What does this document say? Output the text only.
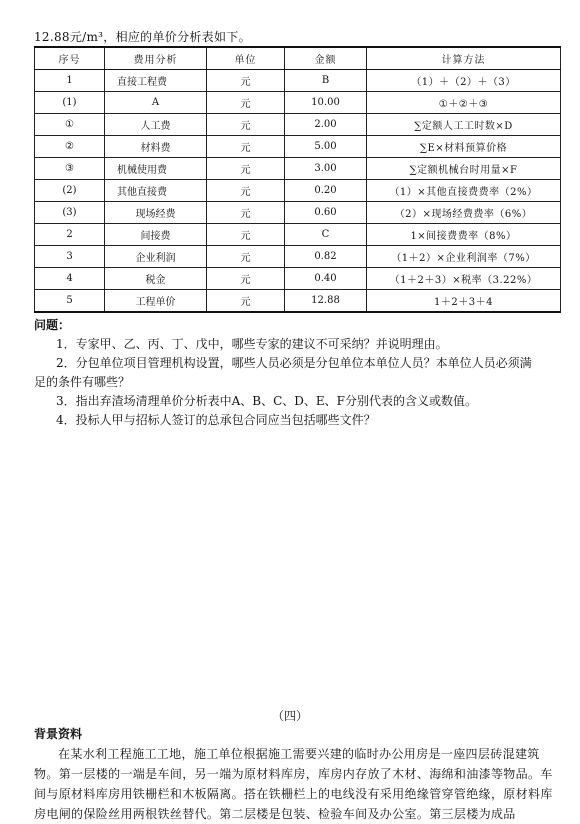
12.88元/m³，相应的单价分析表如下。
序号	费用分析	单位	金额	计算方法
1	直接工程费	元	B	（1）＋（2）＋（3）
(1)	A	元	10.00	①＋②＋③
①	人工费	元	2.00	∑定额人工工时数×D
②	材料费	元	5.00	∑E×材料预算价格
③	机械使用费	元	3.00	∑定额机械台时用量×F
(2)	其他直接费	元	0.20	（1）×其他直接费费率（2%）
(3)	现场经费	元	0.60	（2）×现场经费费率（6%）
2	间接费	元	C	1×间接费费率（8%）
3	企业利润	元	0.82	（1＋2）×企业利润率（7%）
4	税金	元	0.40	（1＋2＋3）×税率（3.22%）
5	工程单价	元	12.88	1＋2＋3＋4
问题：

1．专家甲、乙、丙、丁、戊中，哪些专家的建议不可采纳？并说明理由。

2．分包单位项目管理机构设置，哪些人员必须是分包单位本单位人员？本单位人员必须满

足的条件有哪些？

3．指出弃渣场清理单价分析表中A、B、C、D、E、F分别代表的含义或数值。

4．投标人甲与招标人签订的总承包合同应当包括哪些文件？

（四）
背景资料

在某水利工程施工工地，施工单位根据施工需要兴建的临时办公用房是一座四层砖混建筑物。第一层楼的一端是车间，另一端为原材料库房，库房内存放了木材、海绵和油漆等物品。车间与原材料库房用铁栅栏和木板隔离。搭在铁栅栏上的电线没有采用绝缘管穿管绝缘，原材料库房电闸的保险丝用两根铁丝替代。第二层楼是包装、检验车间及办公室。第三层楼为成品
